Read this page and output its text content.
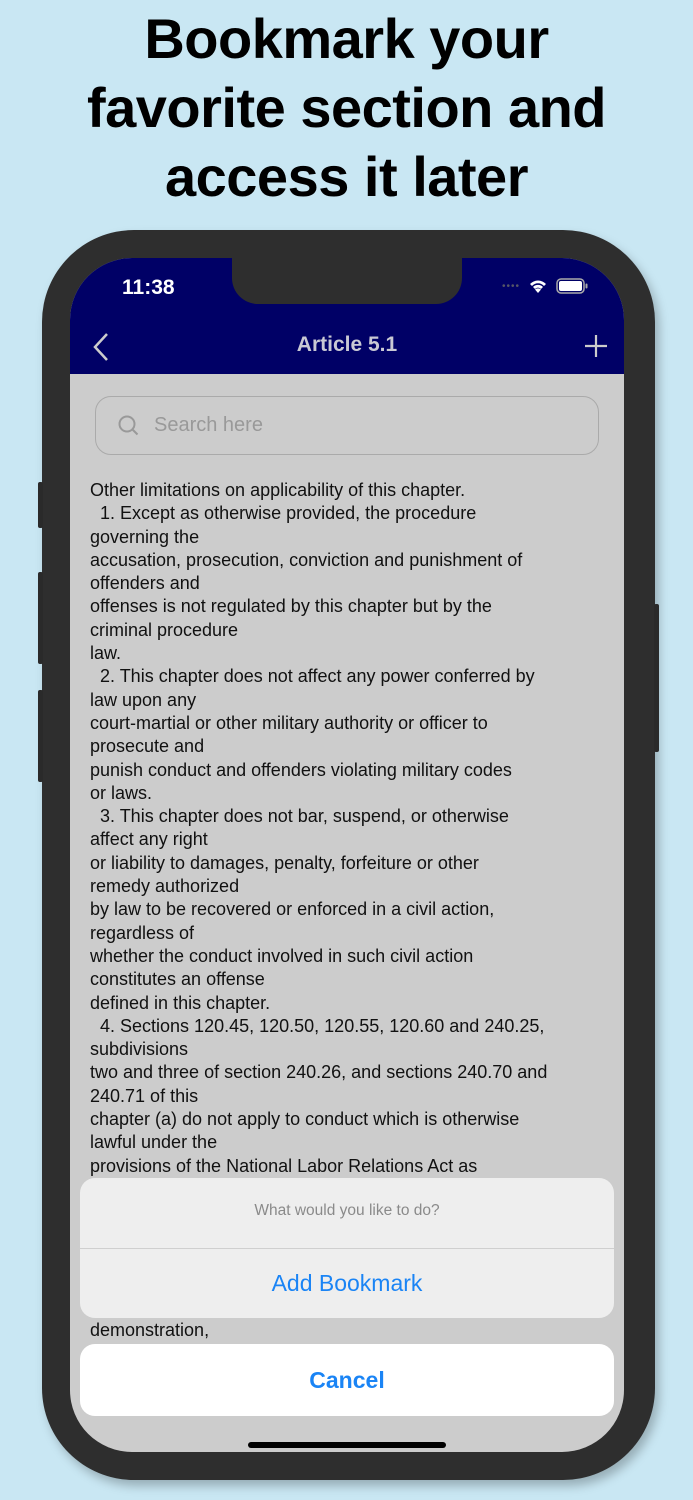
Bookmark your
favorite section and
access it later
11:38	••••
Article 5.1
Search here
Other limitations on applicability of this chapter.
1. Except as otherwise provided, the procedure
governing the
accusation, prosecution, conviction and punishment of
offenders and
offenses is not regulated by this chapter but by the
criminal procedure
law.
2. This chapter does not affect any power conferred by
law upon any
court-martial or other military authority or officer to
prosecute and
punish conduct and offenders violating military codes
or laws.
3. This chapter does not bar, suspend, or otherwise
affect any right
or liability to damages, penalty, forfeiture or other
remedy authorized
by law to be recovered or enforced in a civil action,
regardless of
whether the conduct involved in such civil action
constitutes an offense
defined in this chapter.
4. Sections 120.45, 120.50, 120.55, 120.60 and 240.25,
subdivisions
two and three of section 240.26, and sections 240.70 and
240.71 of this
chapter (a) do not apply to conduct which is otherwise
lawful under the
provisions of the National Labor Relations Act as
What would you like to do?
Add Bookmark
demonstration,
Cancel
